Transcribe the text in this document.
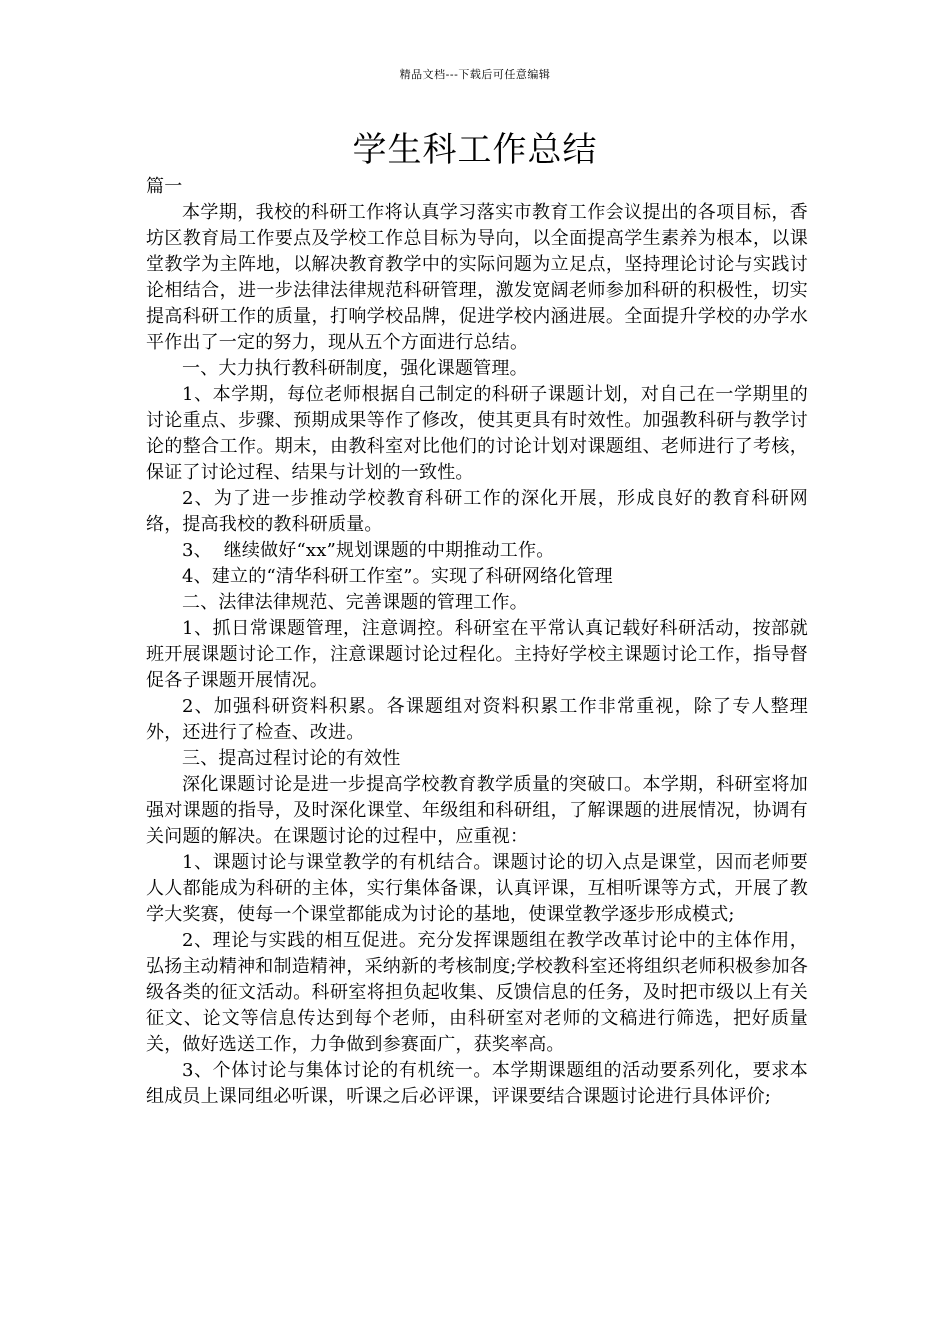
精品文档---下载后可任意编辑
学生科工作总结

篇一

本学期，我校的科研工作将认真学习落实市教育工作会议提出的各项目标，香坊区教育局工作要点及学校工作总目标为导向，以全面提高学生素养为根本，以课堂教学为主阵地，以解决教育教学中的实际问题为立足点，坚持理论讨论与实践讨论相结合，进一步法律法律规范科研管理，激发宽阔老师参加科研的积极性，切实提高科研工作的质量，打响学校品牌，促进学校内涵进展。全面提升学校的办学水平作出了一定的努力，现从五个方面进行总结。

一、大力执行教科研制度，强化课题管理。

1、本学期，每位老师根据自己制定的科研子课题计划，对自己在一学期里的讨论重点、步骤、预期成果等作了修改，使其更具有时效性。加强教科研与教学讨论的整合工作。期末，由教科室对比他们的讨论计划对课题组、老师进行了考核，保证了讨论过程、结果与计划的一致性。

2、为了进一步推动学校教育科研工作的深化开展，形成良好的教育科研网络，提高我校的教科研质量。

3、  继续做好“xx”规划课题的中期推动工作。

4、建立的“清华科研工作室”。实现了科研网络化管理

二、法律法律规范、完善课题的管理工作。

1、抓日常课题管理，注意调控。科研室在平常认真记载好科研活动，按部就班开展课题讨论工作，注意课题讨论过程化。主持好学校主课题讨论工作，指导督促各子课题开展情况。

2、加强科研资料积累。各课题组对资料积累工作非常重视，除了专人整理外，还进行了检查、改进。

三、提高过程讨论的有效性

深化课题讨论是进一步提高学校教育教学质量的突破口。本学期，科研室将加强对课题的指导，及时深化课堂、年级组和科研组，了解课题的进展情况，协调有关问题的解决。在课题讨论的过程中，应重视：

1、课题讨论与课堂教学的有机结合。课题讨论的切入点是课堂，因而老师要人人都能成为科研的主体，实行集体备课，认真评课，互相听课等方式，开展了教学大奖赛，使每一个课堂都能成为讨论的基地，使课堂教学逐步形成模式;

2、理论与实践的相互促进。充分发挥课题组在教学改革讨论中的主体作用，弘扬主动精神和制造精神，采纳新的考核制度;学校教科室还将组织老师积极参加各级各类的征文活动。科研室将担负起收集、反馈信息的任务，及时把市级以上有关征文、论文等信息传达到每个老师，由科研室对老师的文稿进行筛选，把好质量关，做好选送工作，力争做到参赛面广，获奖率高。

3、个体讨论与集体讨论的有机统一。本学期课题组的活动要系列化，要求本组成员上课同组必听课，听课之后必评课，评课要结合课题讨论进行具体评价;
